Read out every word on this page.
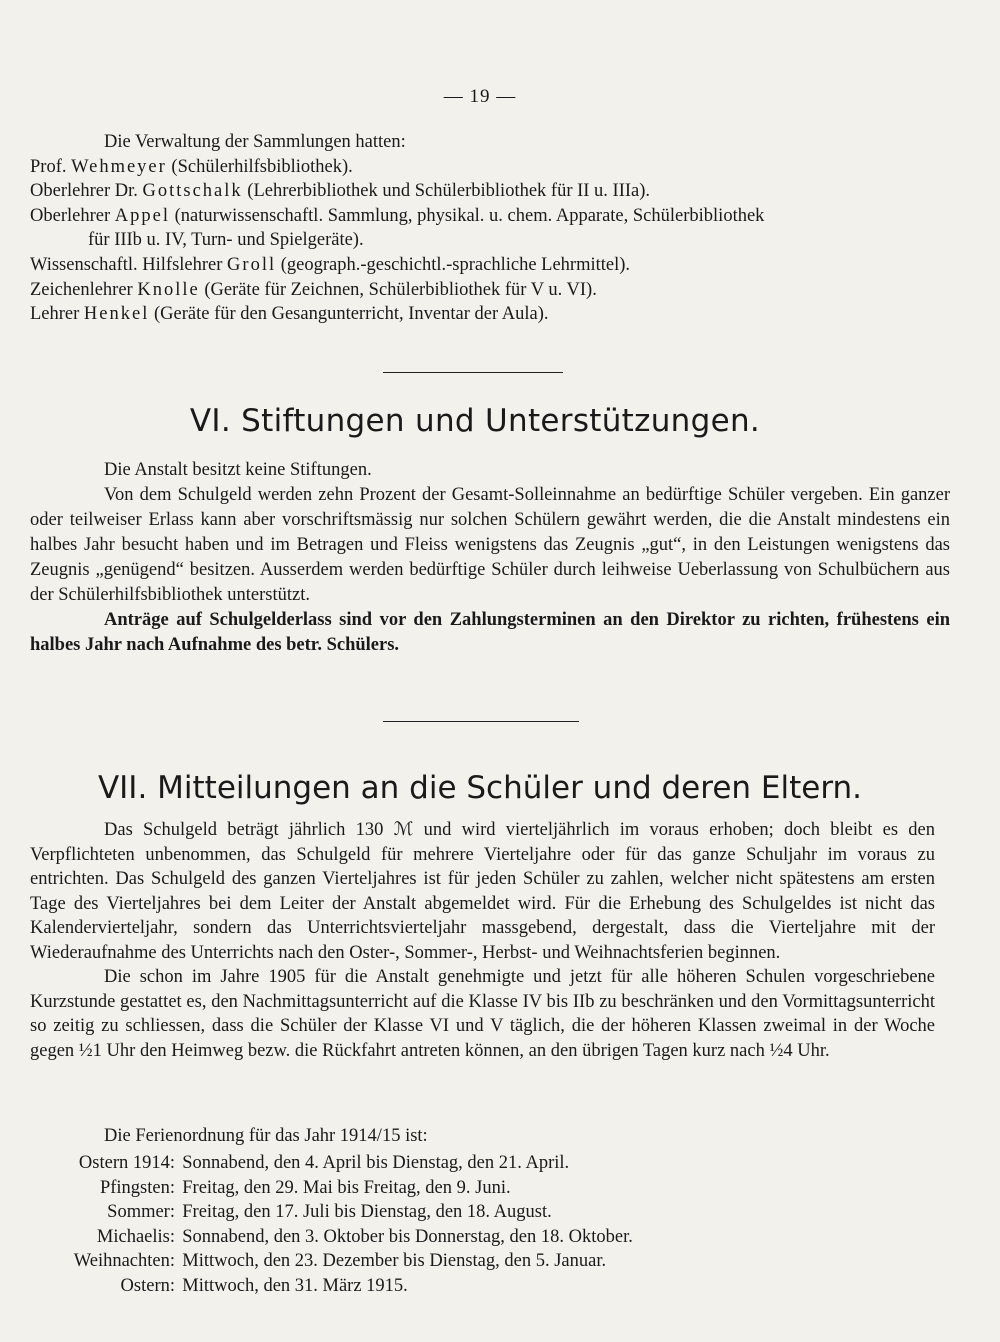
— 19 —
Die Verwaltung der Sammlungen hatten:
Prof. Wehmeyer (Schülerhilfsbibliothek).
Oberlehrer Dr. Gottschalk (Lehrerbibliothek und Schülerbibliothek für II u. IIIa).
Oberlehrer Appel (naturwissenschaftl. Sammlung, physikal. u. chem. Apparate, Schülerbibliothek
für IIIb u. IV, Turn- und Spielgeräte).
Wissenschaftl. Hilfslehrer Groll (geograph.-geschichtl.-sprachliche Lehrmittel).
Zeichenlehrer Knolle (Geräte für Zeichnen, Schülerbibliothek für V u. VI).
Lehrer Henkel (Geräte für den Gesangunterricht, Inventar der Aula).
VI. Stiftungen und Unterstützungen.

Die Anstalt besitzt keine Stiftungen.

Von dem Schulgeld werden zehn Prozent der Gesamt-Solleinnahme an bedürftige Schüler vergeben. Ein ganzer oder teilweiser Erlass kann aber vorschriftsmässig nur solchen Schülern gewährt werden, die die Anstalt mindestens ein halbes Jahr besucht haben und im Betragen und Fleiss wenigstens das Zeugnis „gut“, in den Leistungen wenigstens das Zeugnis „genügend“ besitzen. Ausserdem werden bedürftige Schüler durch leihweise Ueberlassung von Schulbüchern aus der Schülerhilfsbibliothek unterstützt.

Anträge auf Schulgelderlass sind vor den Zahlungsterminen an den Direktor zu richten, frühestens ein halbes Jahr nach Aufnahme des betr. Schülers.

VII. Mitteilungen an die Schüler und deren Eltern.

Das Schulgeld beträgt jährlich 130 ℳ und wird vierteljährlich im voraus erhoben; doch bleibt es den Verpflichteten unbenommen, das Schulgeld für mehrere Vierteljahre oder für das ganze Schuljahr im voraus zu entrichten. Das Schulgeld des ganzen Vierteljahres ist für jeden Schüler zu zahlen, welcher nicht spätestens am ersten Tage des Vierteljahres bei dem Leiter der Anstalt abgemeldet wird. Für die Erhebung des Schulgeldes ist nicht das Kalendervierteljahr, sondern das Unterrichtsvierteljahr massgebend, dergestalt, dass die Vierteljahre mit der Wiederaufnahme des Unterrichts nach den Oster-, Sommer-, Herbst- und Weihnachtsferien beginnen.

Die schon im Jahre 1905 für die Anstalt genehmigte und jetzt für alle höheren Schulen vorgeschriebene Kurzstunde gestattet es, den Nachmittagsunterricht auf die Klasse IV bis IIb zu beschränken und den Vormittagsunterricht so zeitig zu schliessen, dass die Schüler der Klasse VI und V täglich, die der höheren Klassen zweimal in der Woche gegen ½1 Uhr den Heimweg bezw. die Rückfahrt antreten können, an den übrigen Tagen kurz nach ½4 Uhr.

Die Ferienordnung für das Jahr 1914/15 ist:
Ostern 1914:
Sonnabend, den 4. April bis Dienstag, den 21. April.
Pfingsten:
Freitag, den 29. Mai bis Freitag, den 9. Juni.
Sommer:
Freitag, den 17. Juli bis Dienstag, den 18. August.
Michaelis:
Sonnabend, den 3. Oktober bis Donnerstag, den 18. Oktober.
Weihnachten:
Mittwoch, den 23. Dezember bis Dienstag, den 5. Januar.
Ostern:
Mittwoch, den 31. März 1915.
